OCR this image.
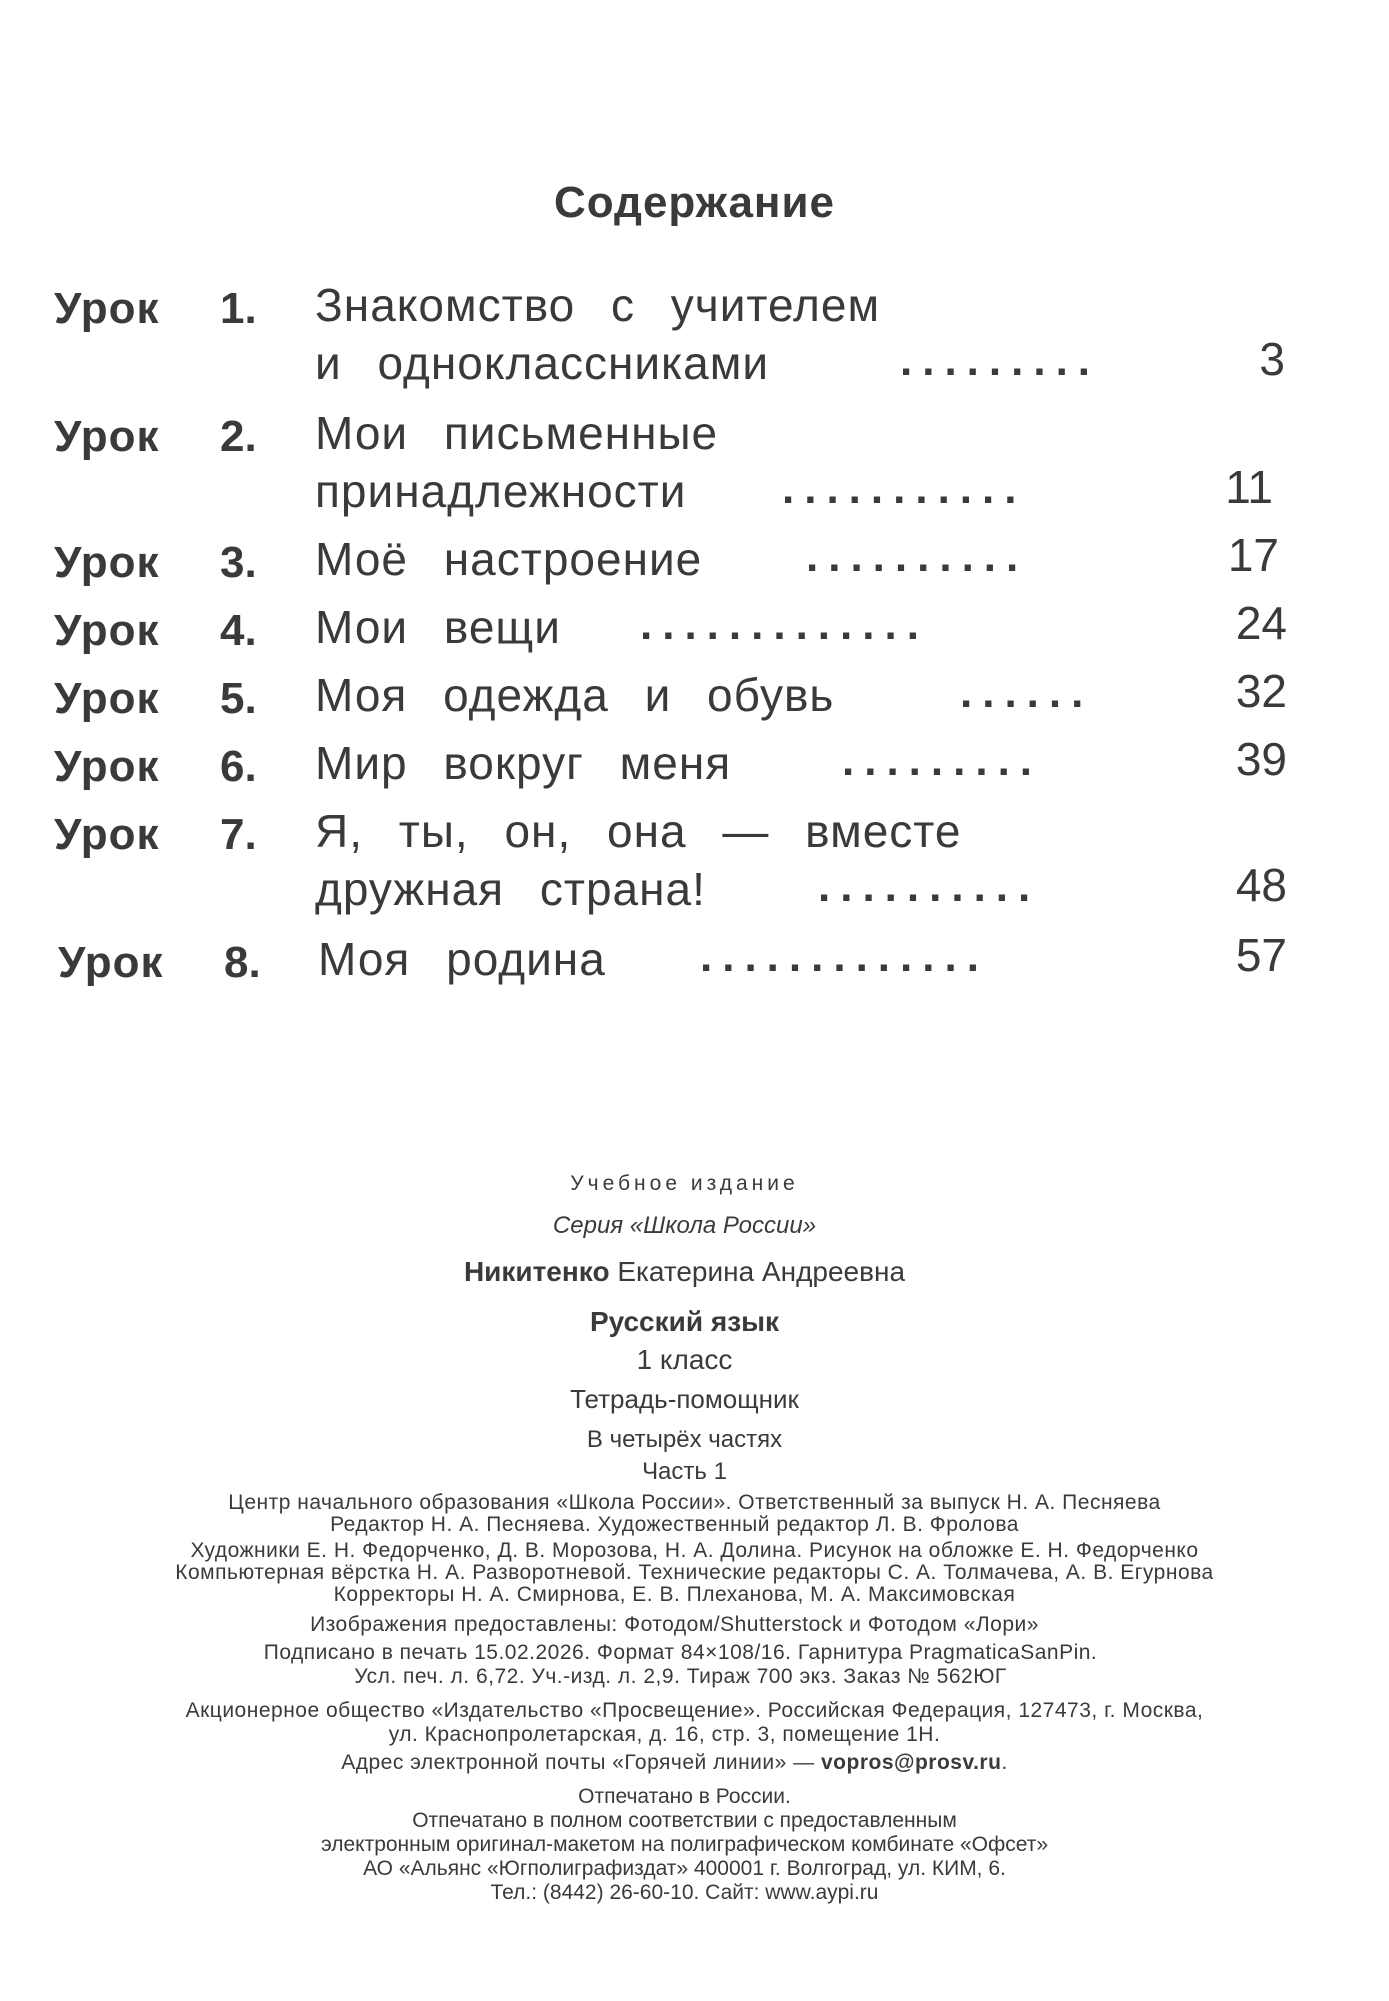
Содержание
Урок 1. Знакомство с учителем
и одноклассниками	.........	3
Урок 2. Мои письменные
принадлежности ...........	11
Урок 3. Моё настроение ..........	17
Урок 4. Мои вещи .............	24
Урок 5. Моя одежда и обувь	......	32
Урок 6. Мир вокруг меня	.........	39
Урок 7. Я, ты, он, она — вместе
дружная страна!	..........	48
Урок 8. Моя родина .............	57
Учебное издание
Серия «Школа России»
Никитенко Екатерина Андреевна
Русский язык
1 класс
Тетрадь-помощник
В четырёх частях
Часть 1
Центр начального образования «Школа России». Ответственный за выпуск Н. А. Песняева
Редактор Н. А. Песняева. Художественный редактор Л. В. Фролова
Художники Е. Н. Федорченко, Д. В. Морозова, Н. А. Долина. Рисунок на обложке Е. Н. Федорченко
Компьютерная вёрстка Н. А. Разворотневой. Технические редакторы С. А. Толмачева, А. В. Егурнова
Корректоры Н. А. Смирнова, Е. В. Плеханова, М. А. Максимовская
Изображения предоставлены: Фотодом/Shutterstock и Фотодом «Лори»
Подписано в печать 15.02.2026. Формат 84×108/16. Гарнитура PragmaticaSanPin.
Усл. печ. л. 6,72. Уч.-изд. л. 2,9. Тираж 700 экз. Заказ № 562ЮГ
Акционерное общество «Издательство «Просвещение». Российская Федерация, 127473, г. Москва,
ул. Краснопролетарская, д. 16, стр. 3, помещение 1Н.
Адрес электронной почты «Горячей линии» — vopros@prosv.ru.
Отпечатано в России.
Отпечатано в полном соответствии с предоставленным
электронным оригинал-макетом на полиграфическом комбинате «Офсет»
АО «Альянс «Югполиграфиздат» 400001 г. Волгоград, ул. КИМ, 6.
Тел.: (8442) 26-60-10. Сайт: www.aypi.ru
